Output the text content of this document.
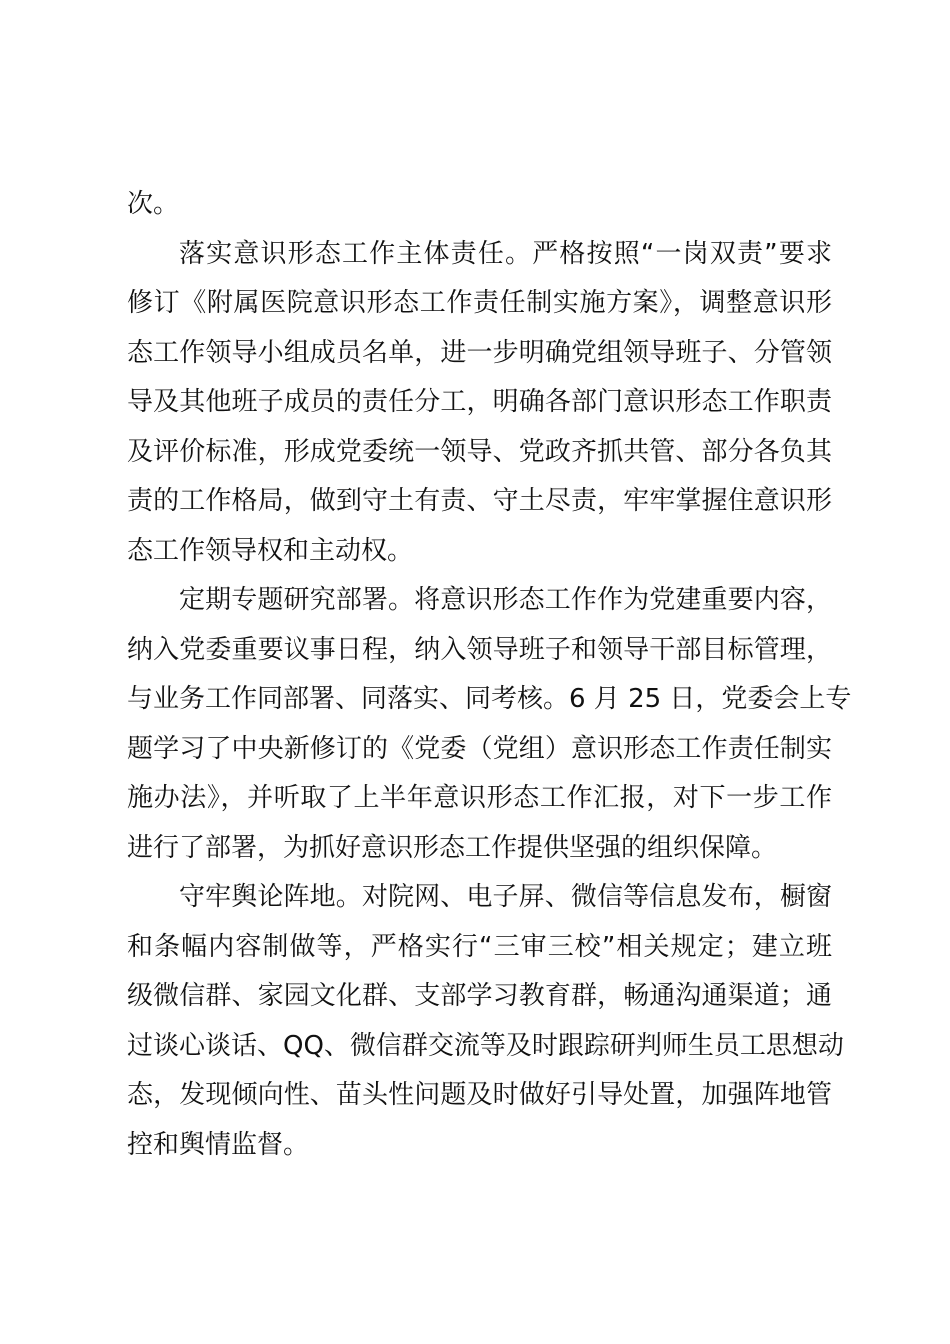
次。
落实意识形态工作主体责任。严格按照“一岗双责”要求
修订《附属医院意识形态工作责任制实施方案》，调整意识形
态工作领导小组成员名单，进一步明确党组领导班子、分管领
导及其他班子成员的责任分工，明确各部门意识形态工作职责
及评价标准，形成党委统一领导、党政齐抓共管、部分各负其
责的工作格局，做到守土有责、守土尽责，牢牢掌握住意识形
态工作领导权和主动权。
定期专题研究部署。将意识形态工作作为党建重要内容，
纳入党委重要议事日程，纳入领导班子和领导干部目标管理，
与业务工作同部署、同落实、同考核。6 月 25 日，党委会上专
题学习了中央新修订的《党委（党组）意识形态工作责任制实
施办法》，并听取了上半年意识形态工作汇报，对下一步工作
进行了部署，为抓好意识形态工作提供坚强的组织保障。
守牢舆论阵地。对院网、电子屏、微信等信息发布，橱窗
和条幅内容制做等，严格实行“三审三校”相关规定；建立班
级微信群、家园文化群、支部学习教育群，畅通沟通渠道；通
过谈心谈话、QQ、微信群交流等及时跟踪研判师生员工思想动
态，发现倾向性、苗头性问题及时做好引导处置，加强阵地管
控和舆情监督。
